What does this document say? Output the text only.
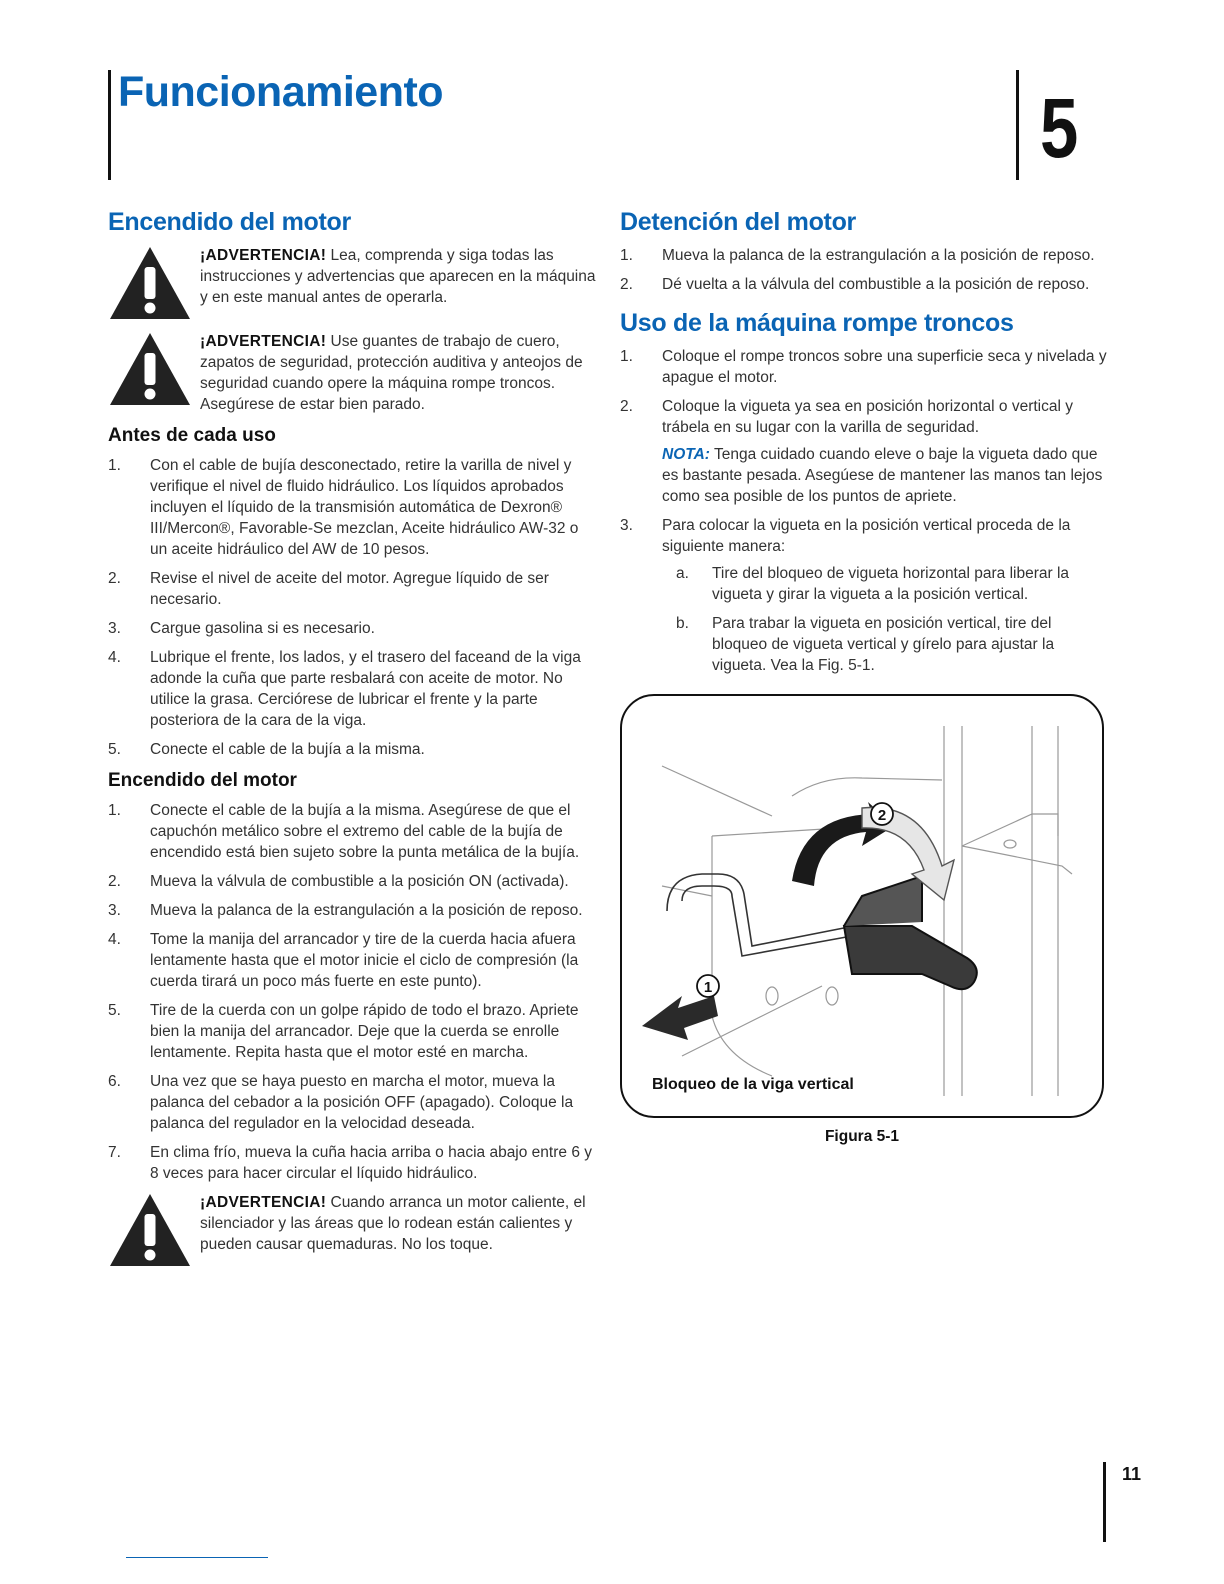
Funcionamiento	5
Encendido del motor

¡ADVERTENCIA! Lea, comprenda y siga todas las instrucciones y advertencias que aparecen en la máquina y en este manual antes de operarla.

¡ADVERTENCIA! Use guantes de trabajo de cuero, zapatos de seguridad, protección auditiva y anteojos de seguridad cuando opere la máquina rompe troncos. Asegúrese de estar bien parado.

Antes de cada uso
1. Con el cable de bujía desconectado, retire la varilla de nivel y verifique el nivel de fluido hidráulico. Los líquidos aprobados incluyen el líquido de la transmisión automática de Dexron® III/Mercon®, Favorable-Se mezclan, Aceite hidráulico AW-32 o un aceite hidráulico del AW de 10 pesos.
2. Revise el nivel de aceite del motor. Agregue líquido de ser necesario.
3. Cargue gasolina si es necesario.
4. Lubrique el frente, los lados, y el trasero del faceand de la viga adonde la cuña que parte resbalará con aceite de motor. No utilice la grasa. Cerciórese de lubricar el frente y la parte posteriora de la cara de la viga.
5. Conecte el cable de la bujía a la misma.
Encendido del motor
1. Conecte el cable de la bujía a la misma. Asegúrese de que el capuchón metálico sobre el extremo del cable de la bujía de encendido está bien sujeto sobre la punta metálica de la bujía.
2. Mueva la válvula de combustible a la posición ON (activada).
3. Mueva la palanca de la estrangulación a la posición de reposo.
4. Tome la manija del arrancador y tire de la cuerda hacia afuera lentamente hasta que el motor inicie el ciclo de compresión (la cuerda tirará un poco más fuerte en este punto).
5. Tire de la cuerda con un golpe rápido de todo el brazo. Apriete bien la manija del arrancador. Deje que la cuerda se enrolle lentamente. Repita hasta que el motor esté en marcha.
6. Una vez que se haya puesto en marcha el motor, mueva la palanca del cebador a la posición OFF (apagado). Coloque la palanca del regulador en la velocidad deseada.
7. En clima frío, mueva la cuña hacia arriba o hacia abajo entre 6 y 8 veces para hacer circular el líquido hidráulico.

¡ADVERTENCIA! Cuando arranca un motor caliente, el silenciador y las áreas que lo rodean están calientes y pueden causar quemaduras. No los toque.

Detención del motor
1. Mueva la palanca de la estrangulación a la posición de reposo.
2. Dé vuelta a la válvula del combustible a la posición de reposo.
Uso de la máquina rompe troncos
1. Coloque el rompe troncos sobre una superficie seca y nivelada y apague el motor.
2. Coloque la vigueta ya sea en posición horizontal o vertical y trábela en su lugar con la varilla de seguridad.

NOTA: Tenga cuidado cuando eleve o baje la vigueta dado que es bastante pesada. Asegúese de mantener las manos tan lejos como sea posible de los puntos de apriete.

3. Para colocar la vigueta en la posición vertical proceda de la siguiente manera:
a. Tire del bloqueo de vigueta horizontal para liberar la vigueta y girar la vigueta a la posición vertical.
b. Para trabar la vigueta en posición vertical, tire del bloqueo de vigueta vertical y gírelo para ajustar la vigueta. Vea la Fig. 5-1.
2
1
Bloqueo de la viga vertical
Figura 5-1
11
